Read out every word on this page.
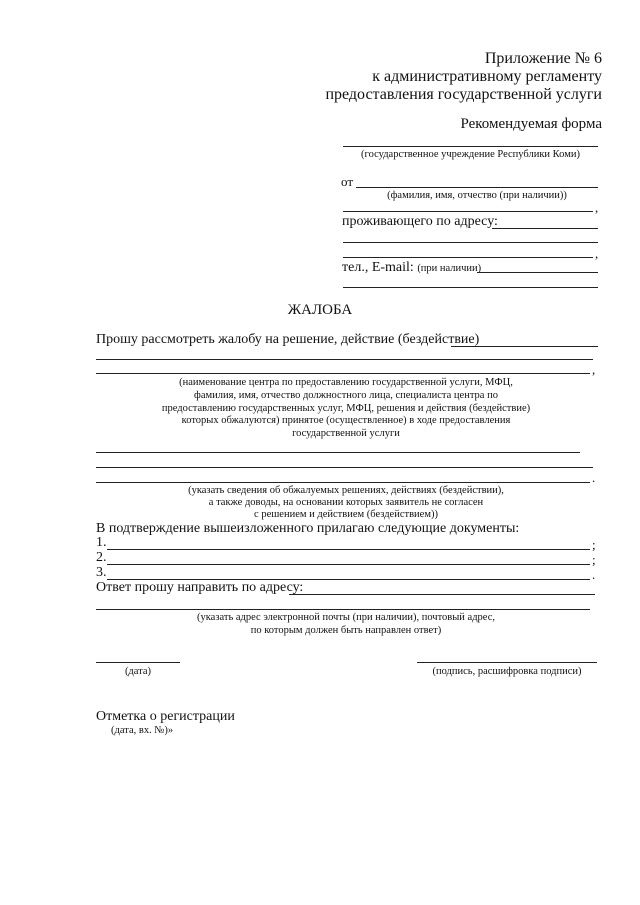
Приложение № 6
к административному регламенту
предоставления государственной услуги
Рекомендуемая форма
(государственное учреждение Республики Коми)
от
(фамилия, имя, отчество (при наличии))
,
проживающего по адресу:
,
тел., E-mail: (при наличии)
ЖАЛОБА
Прошу рассмотреть жалобу на решение, действие (бездействие)
,
(наименование центра по предоставлению государственной услуги, МФЦ,
фамилия, имя, отчество должностного лица, специалиста центра по
предоставлению государственных услуг, МФЦ, решения и действия (бездействие)
которых обжалуются) принятое (осуществленное) в ходе предоставления
государственной услуги
.
(указать сведения об обжалуемых решениях, действиях (бездействии),
а также доводы, на основании которых заявитель не согласен
с решением и действием (бездействием))
В подтверждение вышеизложенного прилагаю следующие документы:
1.	;
2.	;
3.	.
Ответ прошу направить по адресу:
(указать адрес электронной почты (при наличии), почтовый адрес,
по которым должен быть направлен ответ)
(дата)	(подпись, расшифровка подписи)
Отметка о регистрации
(дата, вх. №)»
